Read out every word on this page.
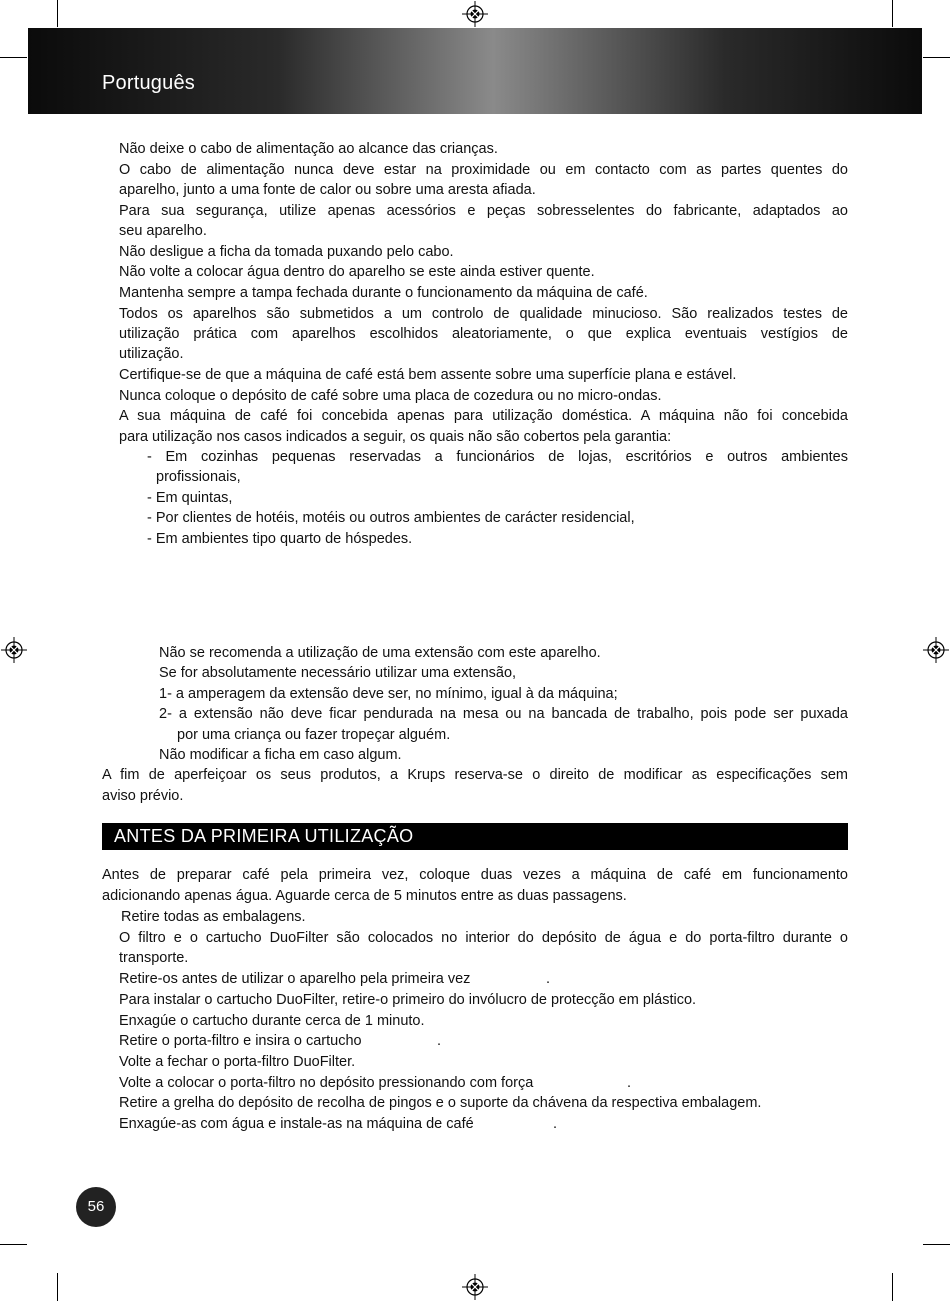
Português
Não deixe o cabo de alimentação ao alcance das crianças.
O cabo de alimentação nunca deve estar na proximidade ou em contacto com as partes quentes do
aparelho, junto a uma fonte de calor ou sobre uma aresta afiada.
Para sua segurança, utilize apenas acessórios e peças sobresselentes do fabricante, adaptados ao
seu aparelho.
Não desligue a ficha da tomada puxando pelo cabo.
Não volte a colocar água dentro do aparelho se este ainda estiver quente.
Mantenha sempre a tampa fechada durante o funcionamento da máquina de café.
Todos os aparelhos são submetidos a um controlo de qualidade minucioso. São realizados testes de
utilização prática com aparelhos escolhidos aleatoriamente, o que explica eventuais vestígios de
utilização.
Certifique-se de que a máquina de café está bem assente sobre uma superfície plana e estável.
Nunca coloque o depósito de café sobre uma placa de cozedura ou no micro-ondas.
A sua máquina de café foi concebida apenas para utilização doméstica. A máquina não foi concebida
para utilização nos casos indicados a seguir, os quais não são cobertos pela garantia:
- Em cozinhas pequenas reservadas a funcionários de lojas, escritórios e outros ambientes
profissionais,
- Em quintas,
- Por clientes de hotéis, motéis ou outros ambientes de carácter residencial,
- Em ambientes tipo quarto de hóspedes.
Não se recomenda a utilização de uma extensão com este aparelho.
Se for absolutamente necessário utilizar uma extensão,
1- a amperagem da extensão deve ser, no mínimo, igual à da máquina;
2- a extensão não deve ficar pendurada na mesa ou na bancada de trabalho, pois pode ser puxada
por uma criança ou fazer tropeçar alguém.
Não modificar a ficha em caso algum.
A fim de aperfeiçoar os seus produtos, a Krups reserva-se o direito de modificar as especificações sem
aviso prévio.
ANTES DA PRIMEIRA UTILIZAÇÃO
Antes de preparar café pela primeira vez, coloque duas vezes a máquina de café em funcionamento
adicionando apenas água. Aguarde cerca de 5 minutos entre as duas passagens.
Retire todas as embalagens.
O filtro e o cartucho DuoFilter são colocados no interior do depósito de água e do porta-filtro durante o
transporte.
Retire-os antes de utilizar o aparelho pela primeira vez	.
Para instalar o cartucho DuoFilter, retire-o primeiro do invólucro de protecção em plástico.
Enxagúe o cartucho durante cerca de 1 minuto.
Retire o porta-filtro e insira o cartucho	.
Volte a fechar o porta-filtro DuoFilter.
Volte a colocar o porta-filtro no depósito pressionando com força	.
Retire a grelha do depósito de recolha de pingos e o suporte da chávena da respectiva embalagem.
Enxagúe-as com água e instale-as na máquina de café	.
56
